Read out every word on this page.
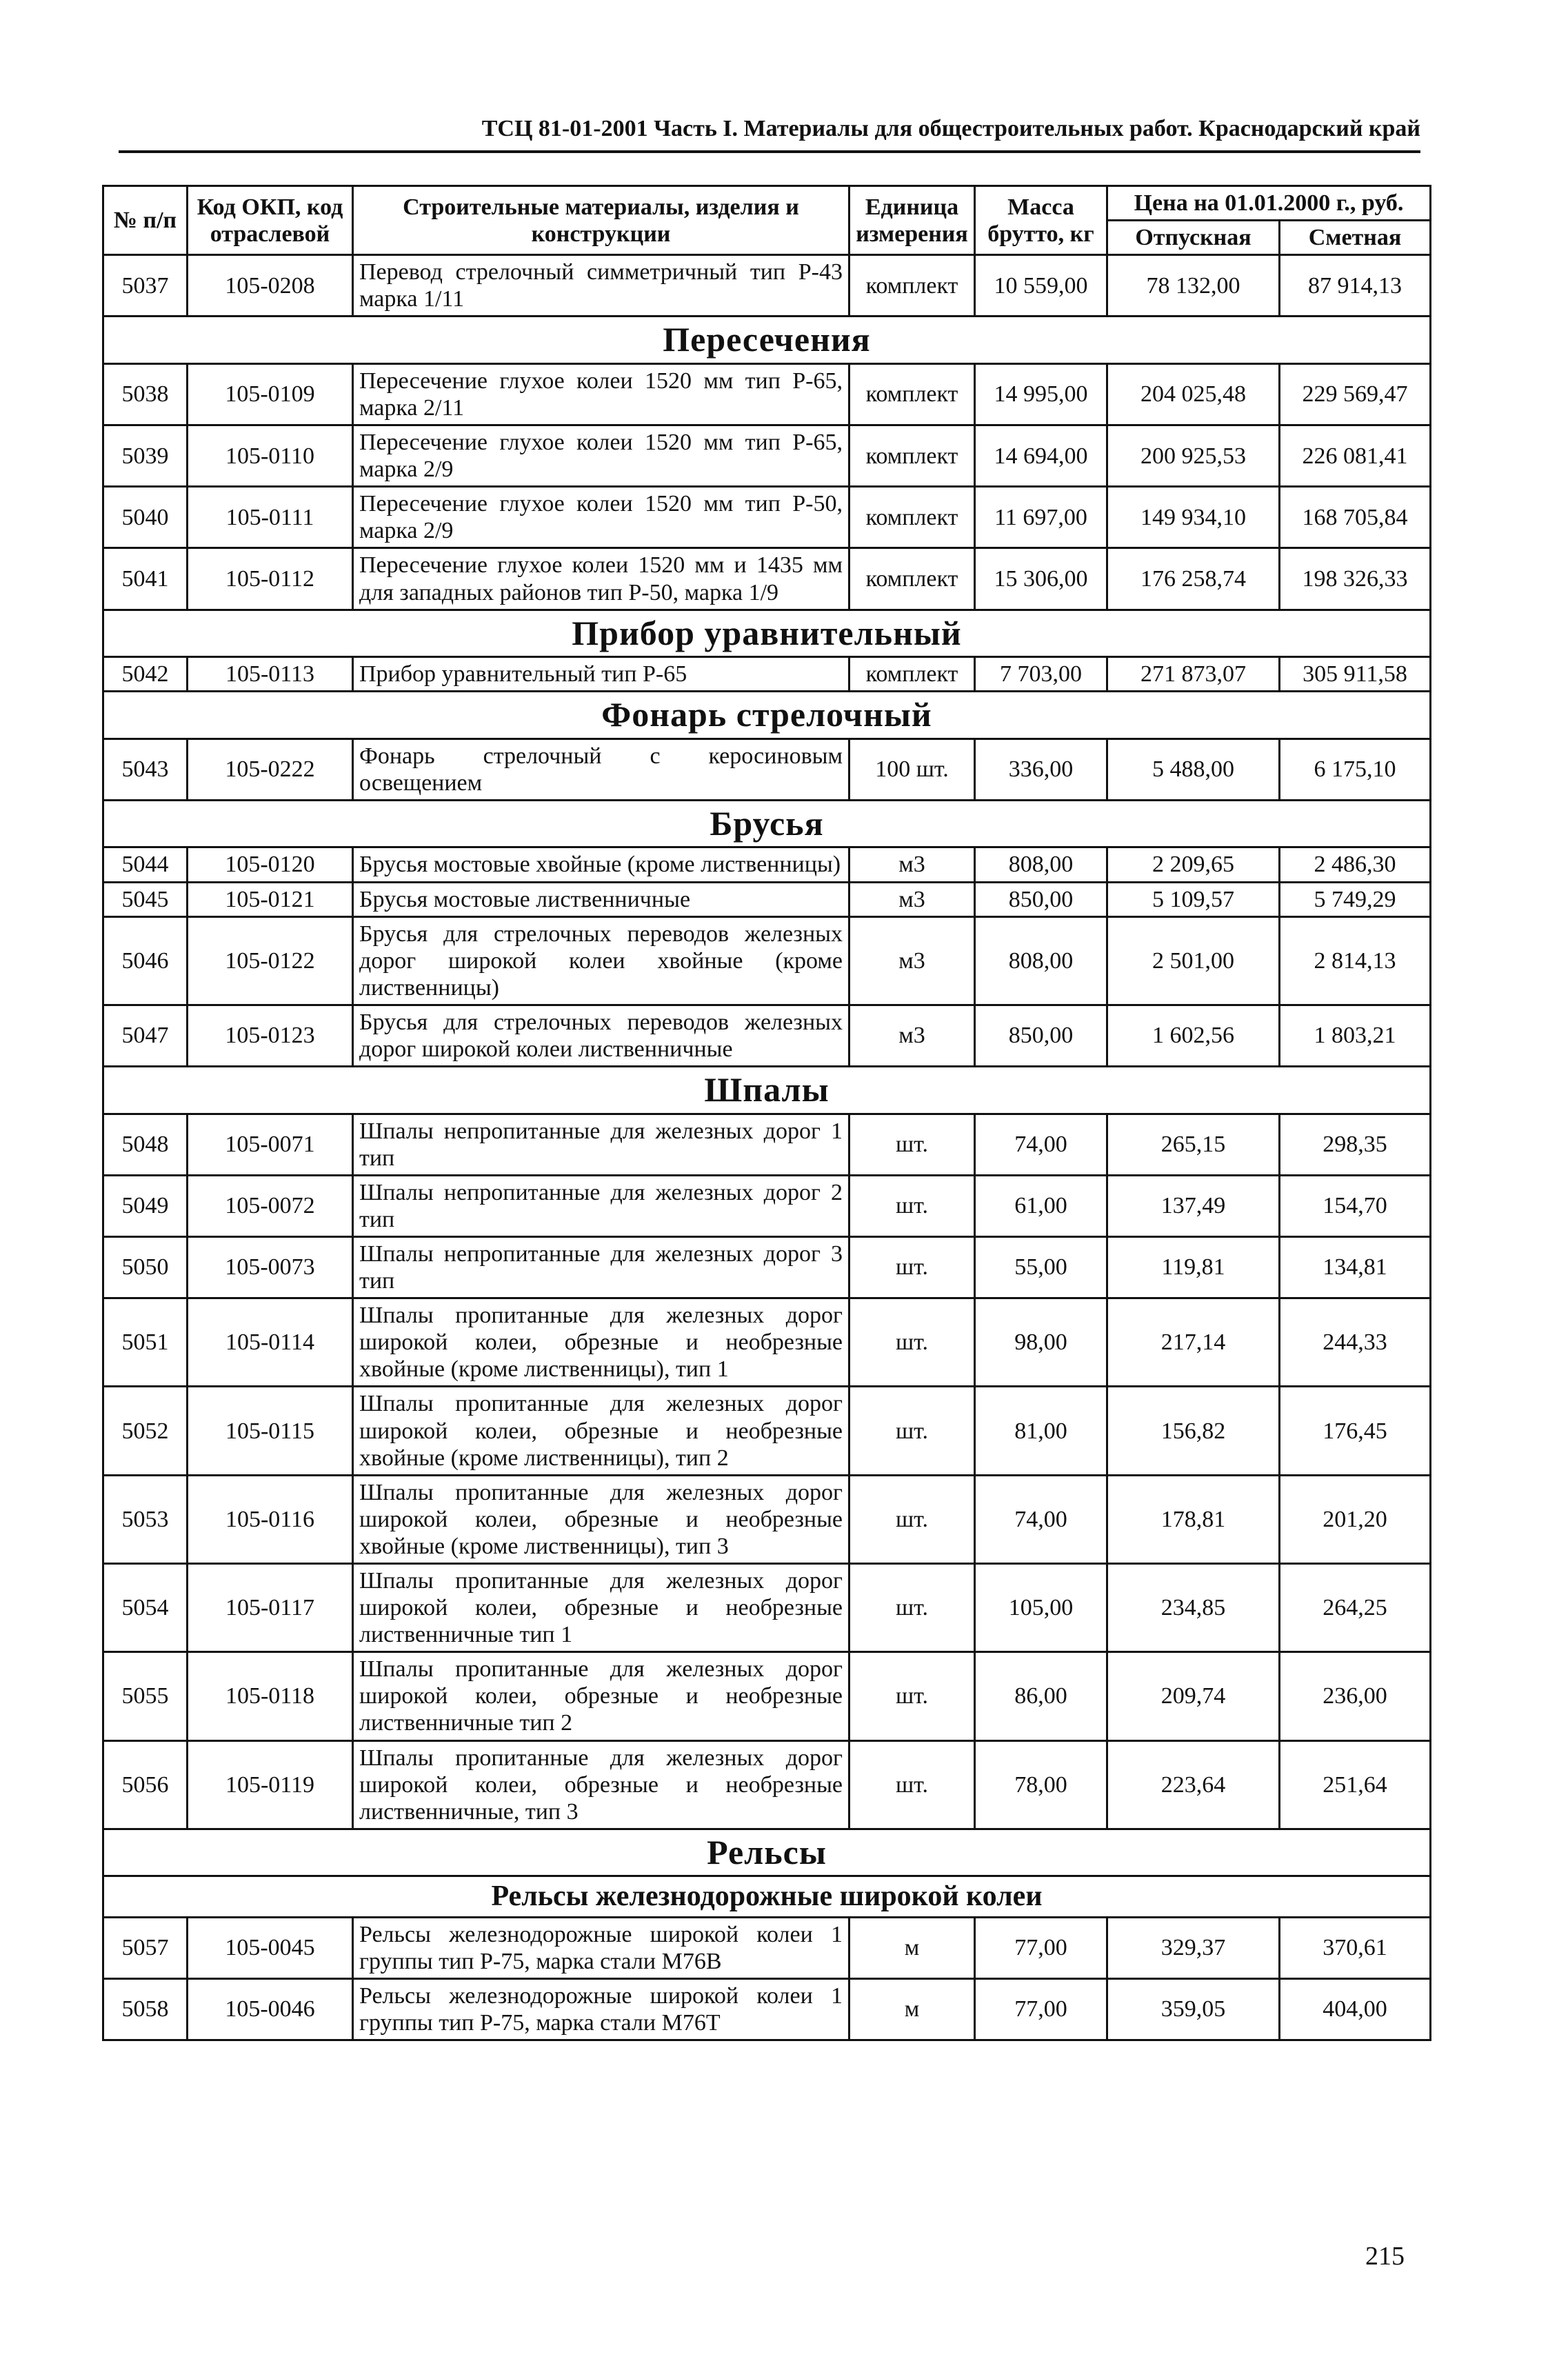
ТСЦ 81-01-2001 Часть I. Материалы для общестроительных работ. Краснодарский край
№ п/п	Код ОКП, код отраслевой	Строительные материалы, изделия и конструкции	Единица измерения	Масса брутто, кг	Цена на 01.01.2000 г., руб.	
					Отпускная	Сметная
5037	105-0208	Перевод стрелочный симметричный тип Р-43 марка 1/11	комплект	10 559,00	78 132,00	87 914,13
Пересечения						
5038	105-0109	Пересечение глухое колеи 1520 мм тип Р-65, марка 2/11	комплект	14 995,00	204 025,48	229 569,47
5039	105-0110	Пересечение глухое колеи 1520 мм тип Р-65, марка 2/9	комплект	14 694,00	200 925,53	226 081,41
5040	105-0111	Пересечение глухое колеи 1520 мм тип Р-50, марка 2/9	комплект	11 697,00	149 934,10	168 705,84
5041	105-0112	Пересечение глухое колеи 1520 мм и 1435 мм для западных районов тип Р-50, марка 1/9	комплект	15 306,00	176 258,74	198 326,33
Прибор уравнительный						
5042	105-0113	Прибор уравнительный тип Р-65	комплект	7 703,00	271 873,07	305 911,58
Фонарь стрелочный						
5043	105-0222	Фонарь стрелочный с керосиновым освещением	100 шт.	336,00	5 488,00	6 175,10
Брусья						
5044	105-0120	Брусья мостовые хвойные (кроме лиственницы)	м3	808,00	2 209,65	2 486,30
5045	105-0121	Брусья мостовые лиственничные	м3	850,00	5 109,57	5 749,29
5046	105-0122	Брусья для стрелочных переводов железных дорог широкой колеи хвойные (кроме лиственницы)	м3	808,00	2 501,00	2 814,13
5047	105-0123	Брусья для стрелочных переводов железных дорог широкой колеи лиственничные	м3	850,00	1 602,56	1 803,21
Шпалы						
5048	105-0071	Шпалы непропитанные для железных дорог 1 тип	шт.	74,00	265,15	298,35
5049	105-0072	Шпалы непропитанные для железных дорог 2 тип	шт.	61,00	137,49	154,70
5050	105-0073	Шпалы непропитанные для железных дорог 3 тип	шт.	55,00	119,81	134,81
5051	105-0114	Шпалы пропитанные для железных дорог широкой колеи, обрезные и необрезные хвойные (кроме лиственницы), тип 1	шт.	98,00	217,14	244,33
5052	105-0115	Шпалы пропитанные для железных дорог широкой колеи, обрезные и необрезные хвойные (кроме лиственницы), тип 2	шт.	81,00	156,82	176,45
5053	105-0116	Шпалы пропитанные для железных дорог широкой колеи, обрезные и необрезные хвойные (кроме лиственницы), тип 3	шт.	74,00	178,81	201,20
5054	105-0117	Шпалы пропитанные для железных дорог широкой колеи, обрезные и необрезные лиственничные тип 1	шт.	105,00	234,85	264,25
5055	105-0118	Шпалы пропитанные для железных дорог широкой колеи, обрезные и необрезные лиственничные тип 2	шт.	86,00	209,74	236,00
5056	105-0119	Шпалы пропитанные для железных дорог широкой колеи, обрезные и необрезные лиственничные, тип 3	шт.	78,00	223,64	251,64
Рельсы						
Рельсы железнодорожные широкой колеи						
5057	105-0045	Рельсы железнодорожные широкой колеи 1 группы тип Р-75, марка стали М76В	м	77,00	329,37	370,61
5058	105-0046	Рельсы железнодорожные широкой колеи 1 группы тип Р-75, марка стали М76Т	м	77,00	359,05	404,00
215
